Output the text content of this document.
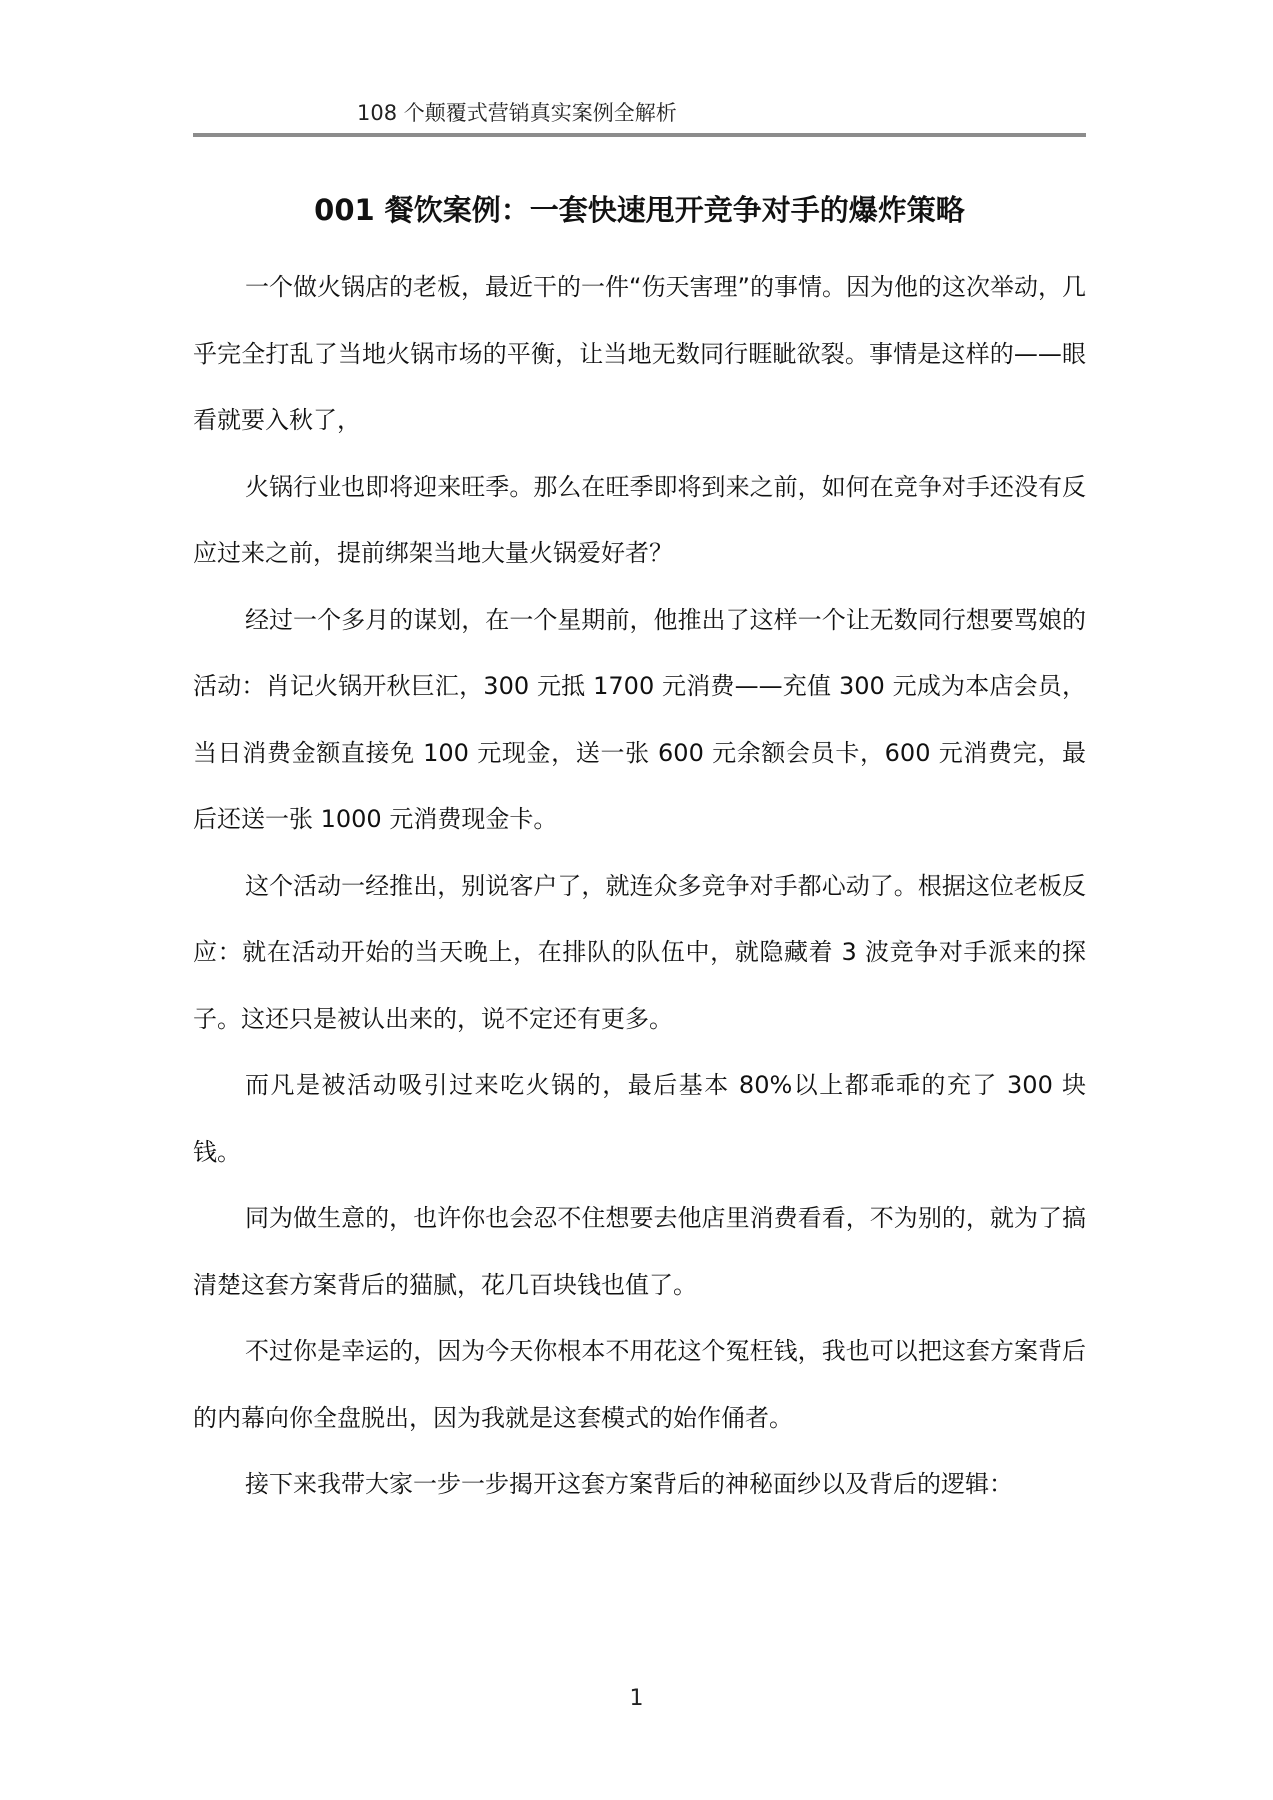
108 个颠覆式营销真实案例全解析
001 餐饮案例：一套快速甩开竞争对手的爆炸策略

一个做火锅店的老板，最近干的一件“伤天害理”的事情。因为他的这次举动，几乎完全打乱了当地火锅市场的平衡，让当地无数同行睚眦欲裂。事情是这样的——眼看就要入秋了，

火锅行业也即将迎来旺季。那么在旺季即将到来之前，如何在竞争对手还没有反应过来之前，提前绑架当地大量火锅爱好者？

经过一个多月的谋划，在一个星期前，他推出了这样一个让无数同行想要骂娘的活动：肖记火锅开秋巨汇，300 元抵 1700 元消费——充值 300 元成为本店会员，当日消费金额直接免 100 元现金，送一张 600 元余额会员卡，600 元消费完，最后还送一张 1000 元消费现金卡。

这个活动一经推出，别说客户了，就连众多竞争对手都心动了。根据这位老板反应：就在活动开始的当天晚上，在排队的队伍中，就隐藏着 3 波竞争对手派来的探子。这还只是被认出来的，说不定还有更多。

而凡是被活动吸引过来吃火锅的，最后基本 80%以上都乖乖的充了 300 块钱。

同为做生意的，也许你也会忍不住想要去他店里消费看看，不为别的，就为了搞清楚这套方案背后的猫腻，花几百块钱也值了。

不过你是幸运的，因为今天你根本不用花这个冤枉钱，我也可以把这套方案背后的内幕向你全盘脱出，因为我就是这套模式的始作俑者。

接下来我带大家一步一步揭开这套方案背后的神秘面纱以及背后的逻辑：

1
